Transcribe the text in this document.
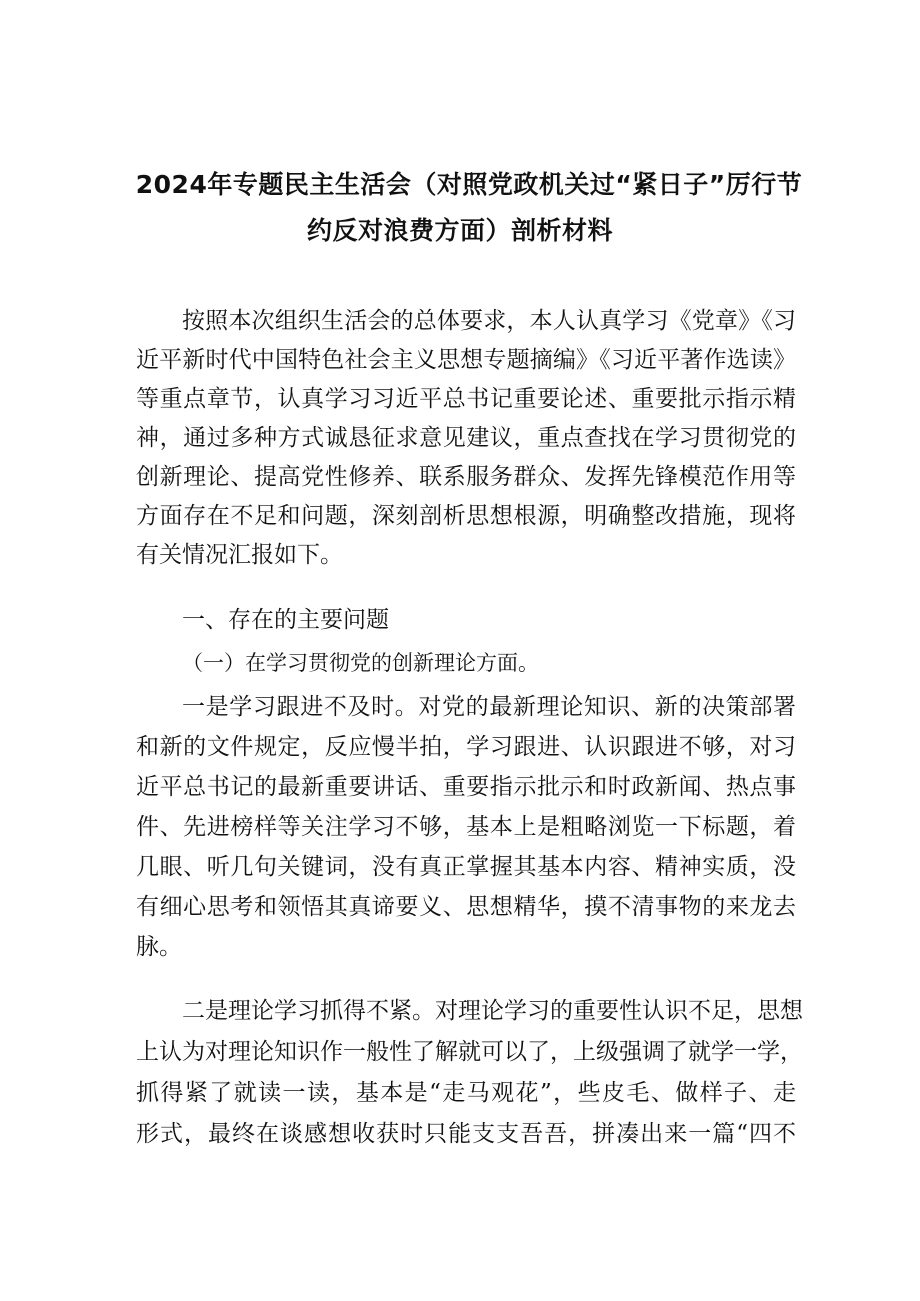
2024年专题民主生活会（对照党政机关过“紧日子”厉行节
约反对浪费方面）剖析材料
按照本次组织生活会的总体要求，本人认真学习《党章》《习
近平新时代中国特色社会主义思想专题摘编》《习近平著作选读》
等重点章节，认真学习习近平总书记重要论述、重要批示指示精
神，通过多种方式诚恳征求意见建议，重点查找在学习贯彻党的
创新理论、提高党性修养、联系服务群众、发挥先锋模范作用等
方面存在不足和问题，深刻剖析思想根源，明确整改措施，现将
有关情况汇报如下。
一、存在的主要问题
（一）在学习贯彻党的创新理论方面。
一是学习跟进不及时。对党的最新理论知识、新的决策部署
和新的文件规定，反应慢半拍，学习跟进、认识跟进不够，对习
近平总书记的最新重要讲话、重要指示批示和时政新闻、热点事
件、先进榜样等关注学习不够，基本上是粗略浏览一下标题，着
几眼、听几句关键词，没有真正掌握其基本内容、精神实质，没
有细心思考和领悟其真谛要义、思想精华，摸不清事物的来龙去
脉。
二是理论学习抓得不紧。对理论学习的重要性认识不足，思想
上认为对理论知识作一般性了解就可以了，上级强调了就学一学，
抓得紧了就读一读，基本是“走马观花”，些皮毛、做样子、走
形式，最终在谈感想收获时只能支支吾吾，拼凑出来一篇“四不
